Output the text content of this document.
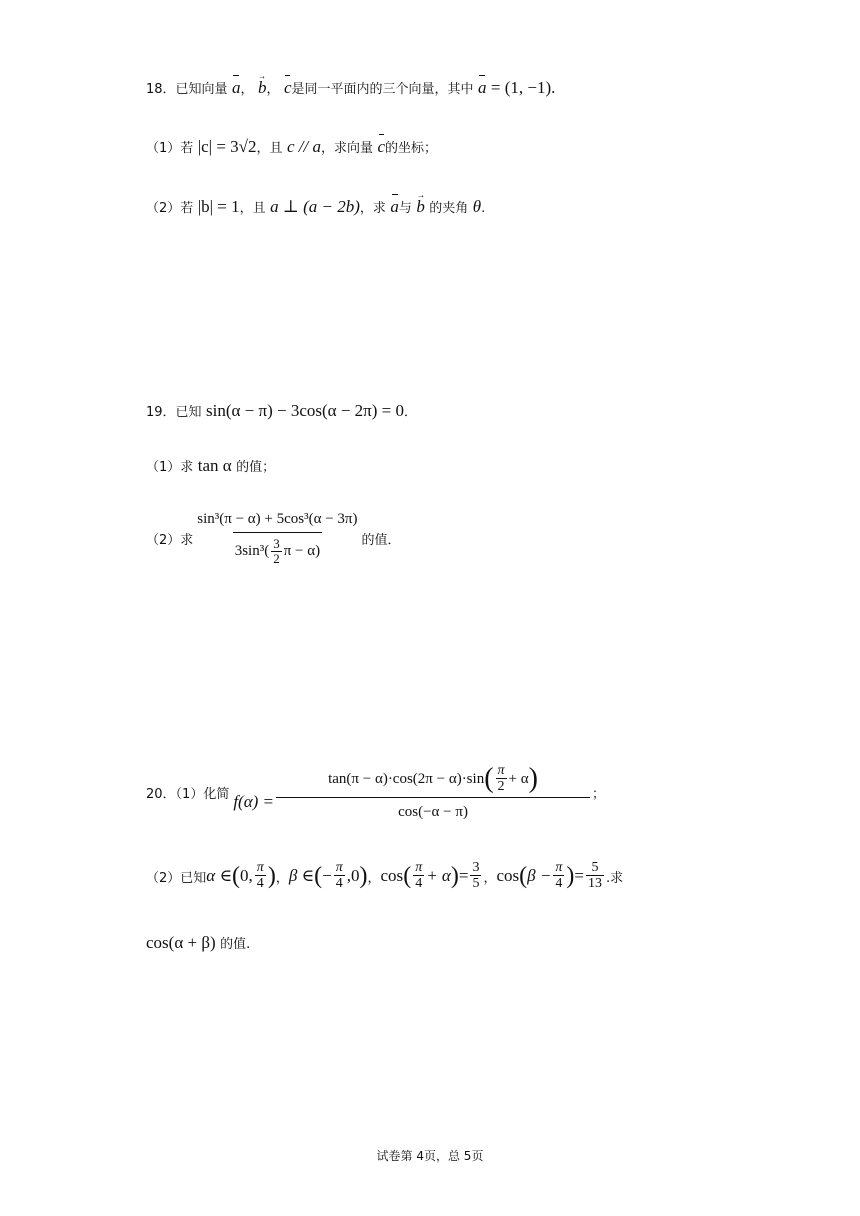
18．已知向量 a， → b， c是同一平面内的三个向量，其中 a = (1, −1).
（1）若 |c| = 3√2，且 c // a，求向量 c的坐标；
（2）若 |b| = 1，且 a ⊥ (a − 2b)，求 a与 → b 的夹角 θ.
19．已知 sin(α − π) − 3cos(α − 2π) = 0．
（1）求 tan α 的值；
（2）求 $\frac{\text{sin³(π − α) + 5cos³(α − 3π)}}{3\sin^3( \frac{3}{2} \pi - \alpha)}$ 的值．
20．（1）化简 f(α) =
tan(π − α)·cos(2π − α)·sin ( $\frac{\pi}{2} + \alpha$ )
cos(−α − π)
；
（2）已知 α ∈ ( 0, $\frac{\pi}{4}$ ) ， β ∈ ( − $\frac{\pi}{4} ,0$ ) ， cos ( $\frac{\pi}{4} + \alpha$ ) = $\frac{3}{5}$ ， cos ( $\beta - \frac{\pi}{4}$ ) = $\frac{5}{13}$ .求
cos(α + β) 的值.
试卷第 4页，总 5页
